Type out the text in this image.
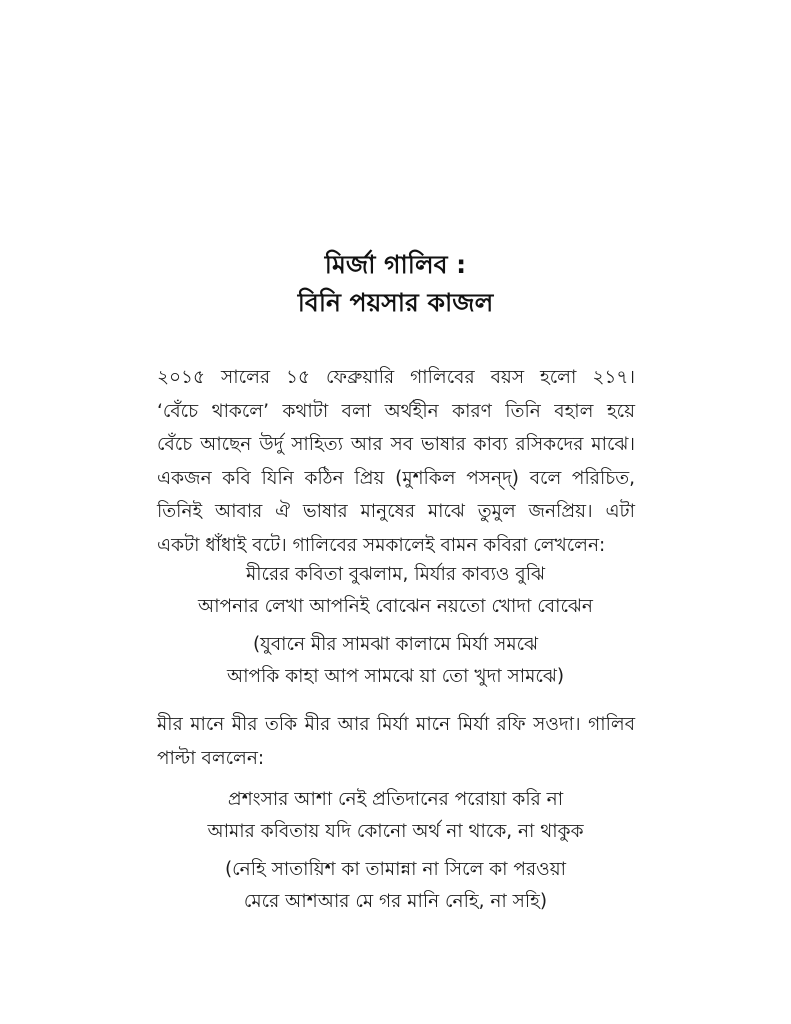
মির্জা গালিব :
বিনি পয়সার কাজল
২০১৫ সালের ১৫ ফেব্রুয়ারি গালিবের বয়স হলো ২১৭।
‘বেঁচে থাকলে’ কথাটা বলা অর্থহীন কারণ তিনি বহাল হয়ে
বেঁচে আছেন উর্দু সাহিত্য আর সব ভাষার কাব্য রসিকদের মাঝে।
একজন কবি যিনি কঠিন প্রিয় (মুশকিল পসন্দ্) বলে পরিচিত,
তিনিই আবার ঐ ভাষার মানুষের মাঝে তুমুল জনপ্রিয়। এটা
একটা ধাঁধাই বটে। গালিবের সমকালেই বামন কবিরা লেখলেন:
মীরের কবিতা বুঝলাম, মির্যার কাব্যও বুঝি
আপনার লেখা আপনিই বোঝেন নয়তো খোদা বোঝেন
(যুবানে মীর সামঝা কালামে মির্যা সমঝে
আপকি কাহা আপ সামঝে য়া তো খুদা সামঝে)
মীর মানে মীর তকি মীর আর মির্যা মানে মির্যা রফি সওদা। গালিব
পাল্টা বললেন:
প্রশংসার আশা নেই প্রতিদানের পরোয়া করি না
আমার কবিতায় যদি কোনো অর্থ না থাকে, না থাকুক
(নেহি সাতায়িশ কা তামান্না না সিলে কা পরওয়া
মেরে আশআর মে গর মানি নেহি, না সহি)
